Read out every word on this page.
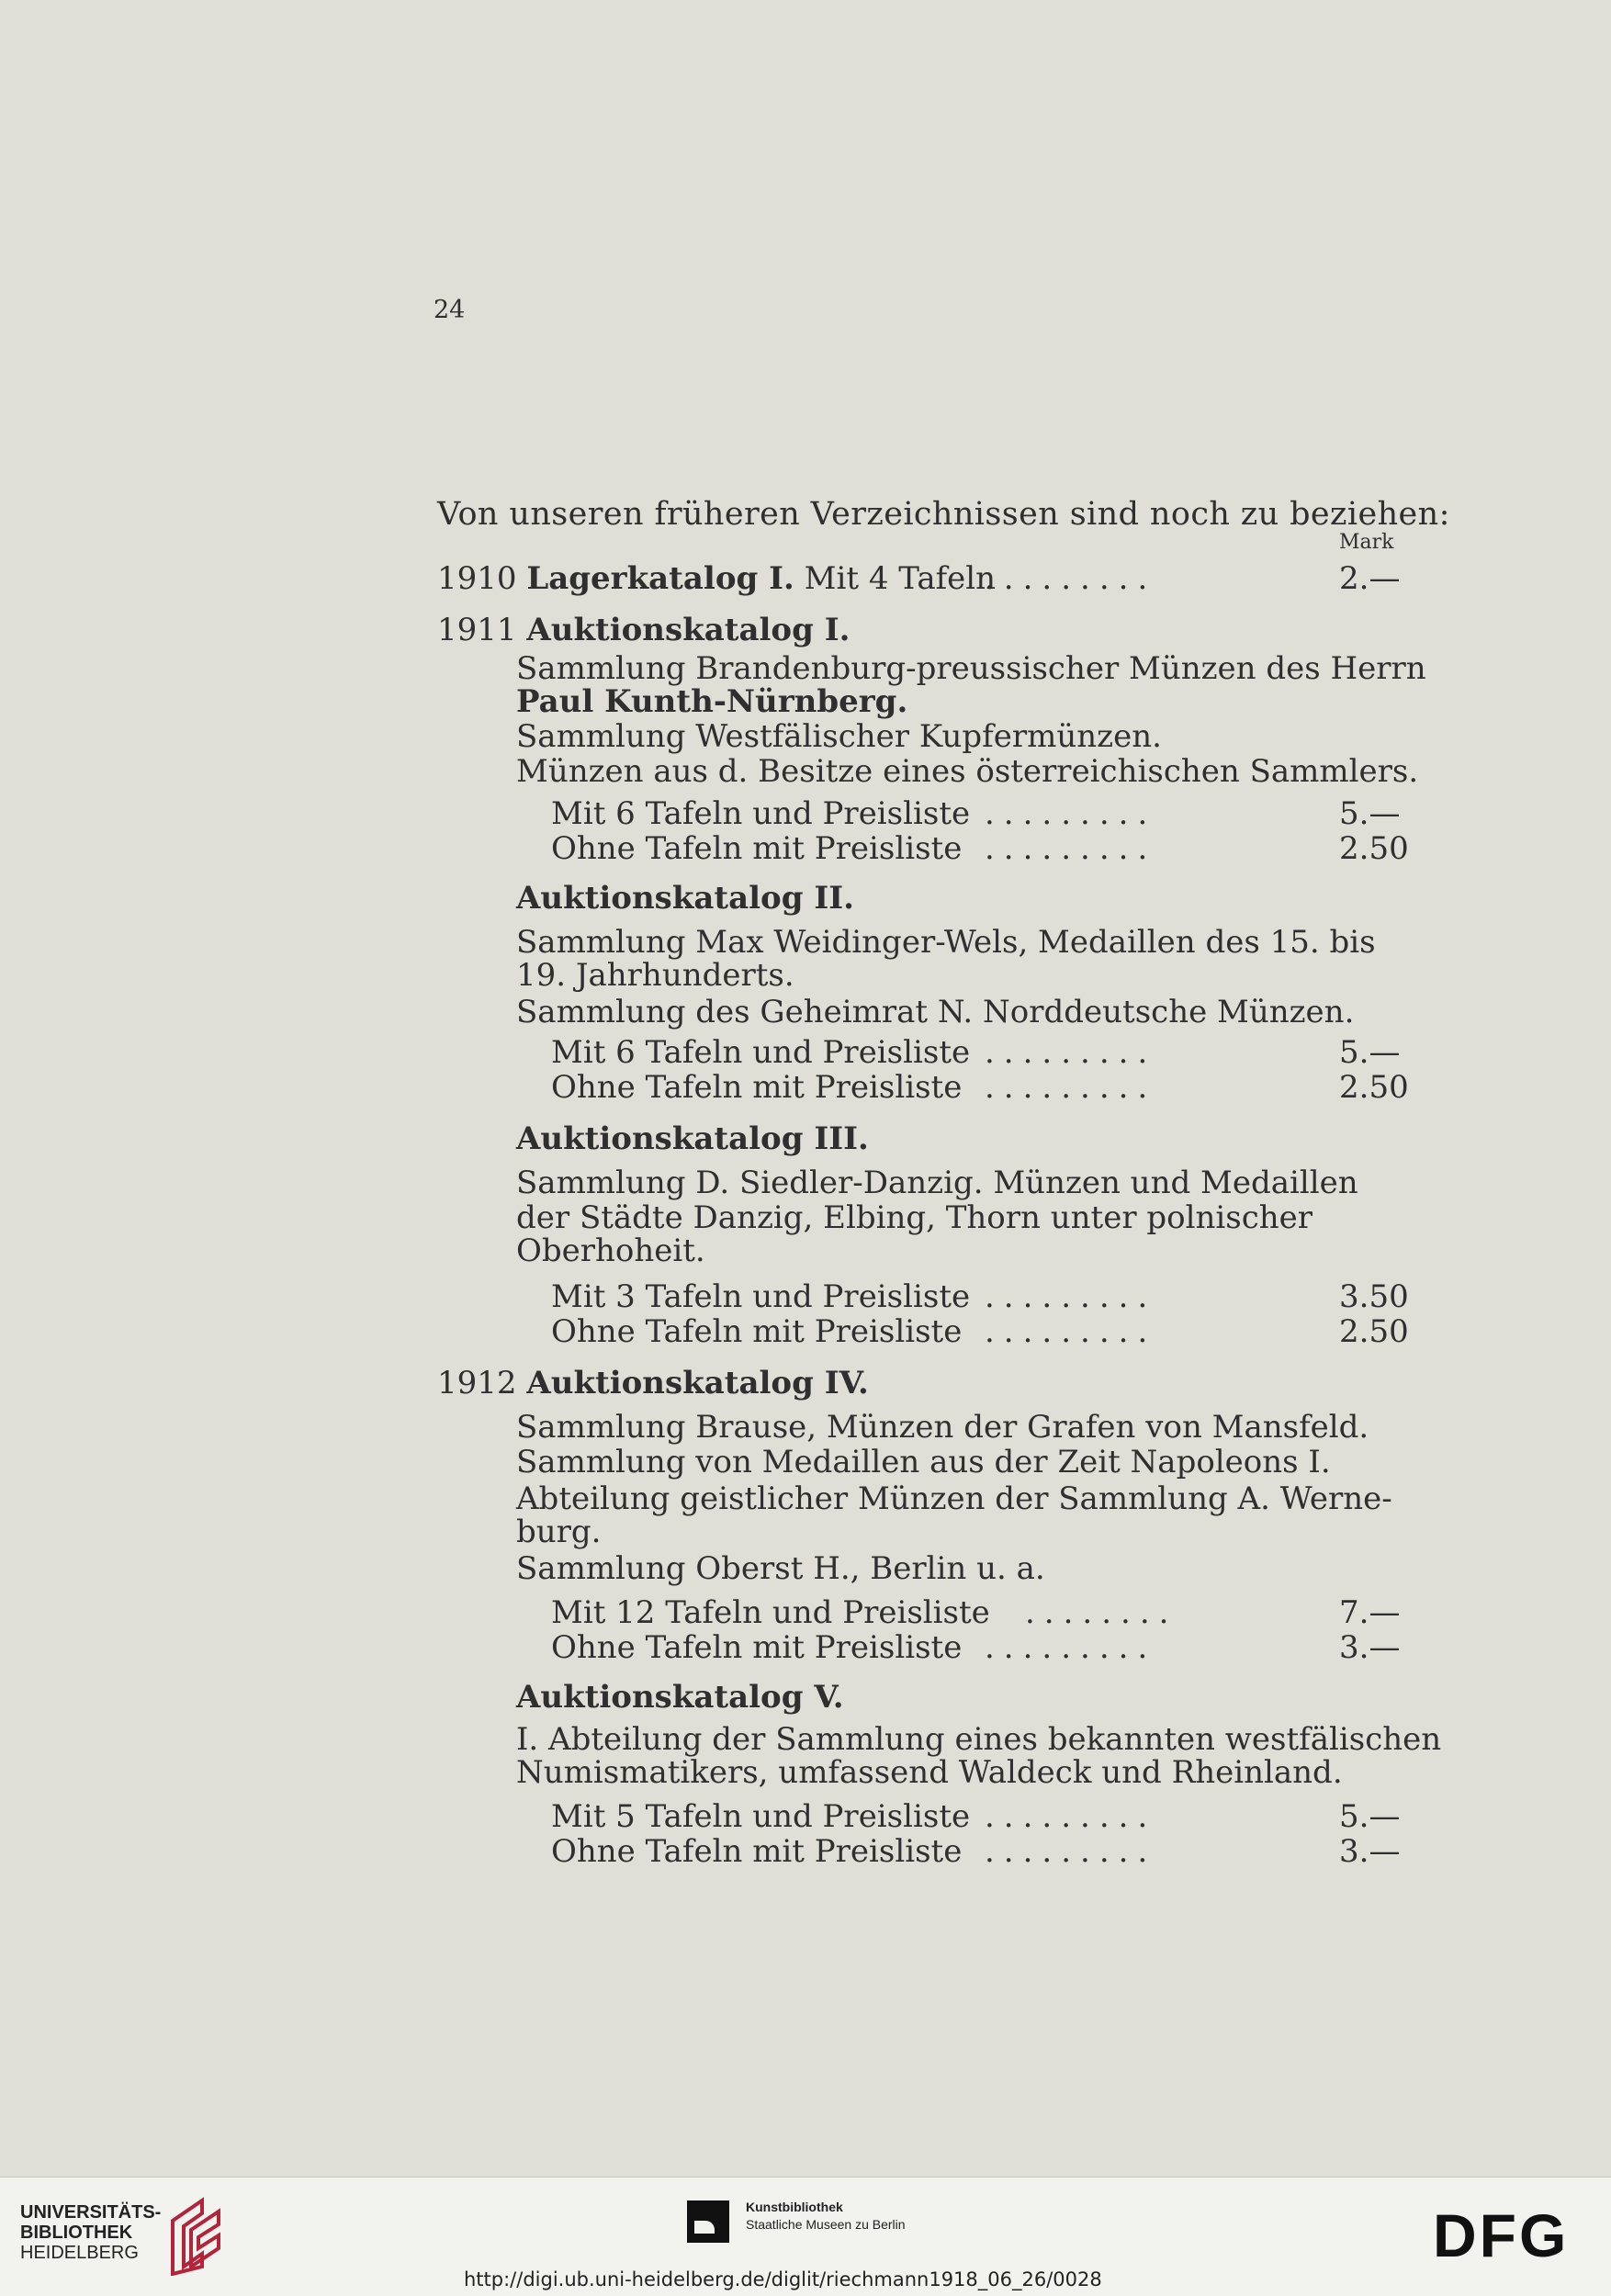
24
Von unseren früheren Verzeichnissen sind noch zu beziehen:
Mark
1910 Lagerkatalog I. Mit 4 Tafeln
.........	2.—
1911 Auktionskatalog I.
Sammlung Brandenburg-preussischer Münzen des Herrn
Paul Kunth-Nürnberg.
Sammlung Westfälischer Kupfermünzen.
Münzen aus d. Besitze eines österreichischen Sammlers.
Mit 6 Tafeln und Preisliste .........	5.—
Ohne Tafeln mit Preisliste .........	2.50
Auktionskatalog II.
Sammlung Max Weidinger-Wels, Medaillen des 15. bis
19. Jahrhunderts.
Sammlung des Geheimrat N. Norddeutsche Münzen.
Mit 6 Tafeln und Preisliste .........	5.—
Ohne Tafeln mit Preisliste .........	2.50
Auktionskatalog III.
Sammlung D. Siedler-Danzig. Münzen und Medaillen
der Städte Danzig, Elbing, Thorn unter polnischer
Oberhoheit.
Mit 3 Tafeln und Preisliste .........	3.50
Ohne Tafeln mit Preisliste .........	2.50
1912 Auktionskatalog IV.
Sammlung Brause, Münzen der Grafen von Mansfeld.
Sammlung von Medaillen aus der Zeit Napoleons I.
Abteilung geistlicher Münzen der Sammlung A. Werne-
burg.
Sammlung Oberst H., Berlin u. a.
Mit 12 Tafeln und Preisliste ........	7.—
Ohne Tafeln mit Preisliste .........	3.—
Auktionskatalog V.
I. Abteilung der Sammlung eines bekannten westfälischen
Numismatikers, umfassend Waldeck und Rheinland.
Mit 5 Tafeln und Preisliste .........	5.—
Ohne Tafeln mit Preisliste .........	3.—
UNIVERSITÄTS-
BIBLIOTHEK
HEIDELBERG
Kunstbibliothek
Staatliche Museen zu Berlin	DFG
http://digi.ub.uni-heidelberg.de/diglit/riechmann1918_06_26/0028
